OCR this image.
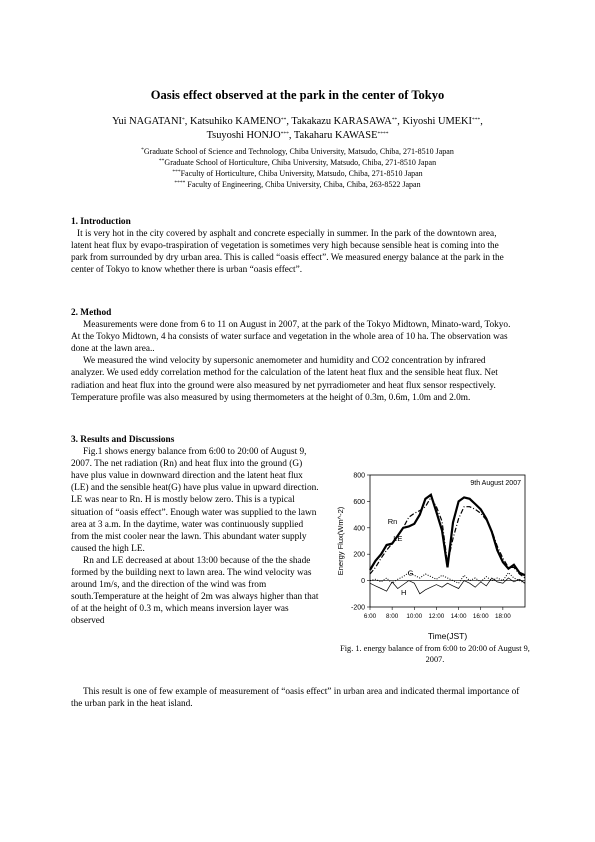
Oasis effect observed at the park in the center of Tokyo
Yui NAGATANI*, Katsuhiko KAMENO**, Takakazu KARASAWA**, Kiyoshi UMEKI***,
Tsuyoshi HONJO***, Takaharu KAWASE****
*Graduate School of Science and Technology, Chiba University, Matsudo, Chiba, 271-8510 Japan
**Graduate School of Horticulture, Chiba University, Matsudo, Chiba, 271-8510 Japan
***Faculty of Horticulture, Chiba University, Matsudo, Chiba, 271-8510 Japan
**** Faculty of Engineering, Chiba University, Chiba, Chiba, 263-8522 Japan
1. Introduction

It is very hot in the city covered by asphalt and concrete especially in summer. In the park of the downtown area, latent heat flux by evapo-traspiration of vegetation is sometimes very high because sensible heat is coming into the park from surrounded by dry urban area. This is called “oasis effect”. We measured energy balance at the park in the center of Tokyo to know whether there is urban “oasis effect”.

2. Method

Measurements were done from 6 to 11 on August in 2007, at the park of the Tokyo Midtown, Minato-ward, Tokyo. At the Tokyo Midtown, 4 ha consists of water surface and vegetation in the whole area of 10 ha. The observation was done at the lawn area..

We measured the wind velocity by supersonic anemometer and humidity and CO2 concentration by infrared analyzer. We used eddy correlation method for the calculation of the latent heat flux and the sensible heat flux. Net radiation and heat flux into the ground were also measured by net pyrradiometer and heat flux sensor respectively. Temperature profile was also measured by using thermometers at the height of 0.3m, 0.6m, 1.0m and 2.0m.

3. Results and Discussions

Fig.1 shows energy balance from 6:00 to 20:00 of August 9, 2007. The net radiation (Rn) and heat flux into the ground (G) have plus value in downward direction and the latent heat flux (LE) and the sensible heat(G) have plus value in upward direction. LE was near to Rn. H is mostly below zero. This is a typical situation of “oasis effect”. Enough water was supplied to the lawn area at 3 a.m. In the daytime, water was continuously supplied from the mist cooler near the lawn. This abundant water supply caused the high LE.

Rn and LE decreased at about 13:00 because of the the shade formed by the building next to lawn area. The wind velocity was around 1m/s, and the direction of the wind was from south.Temperature at the height of 2m was always higher than that of at the height of 0.3 m, which means inversion layer was observed

-200
0
200
400
600
800
6:00 8:00 10:00 12:00 14:00 16:00 18:00
Time(JST)
Energy Flux(Wm^-2)
9th August 2007
Rn
LE
G
H
Fig. 1. energy balance of from 6:00 to 20:00 of August 9, 2007.

This result is one of few example of measurement of “oasis effect” in urban area and indicated thermal importance of the urban park in the heat island.
